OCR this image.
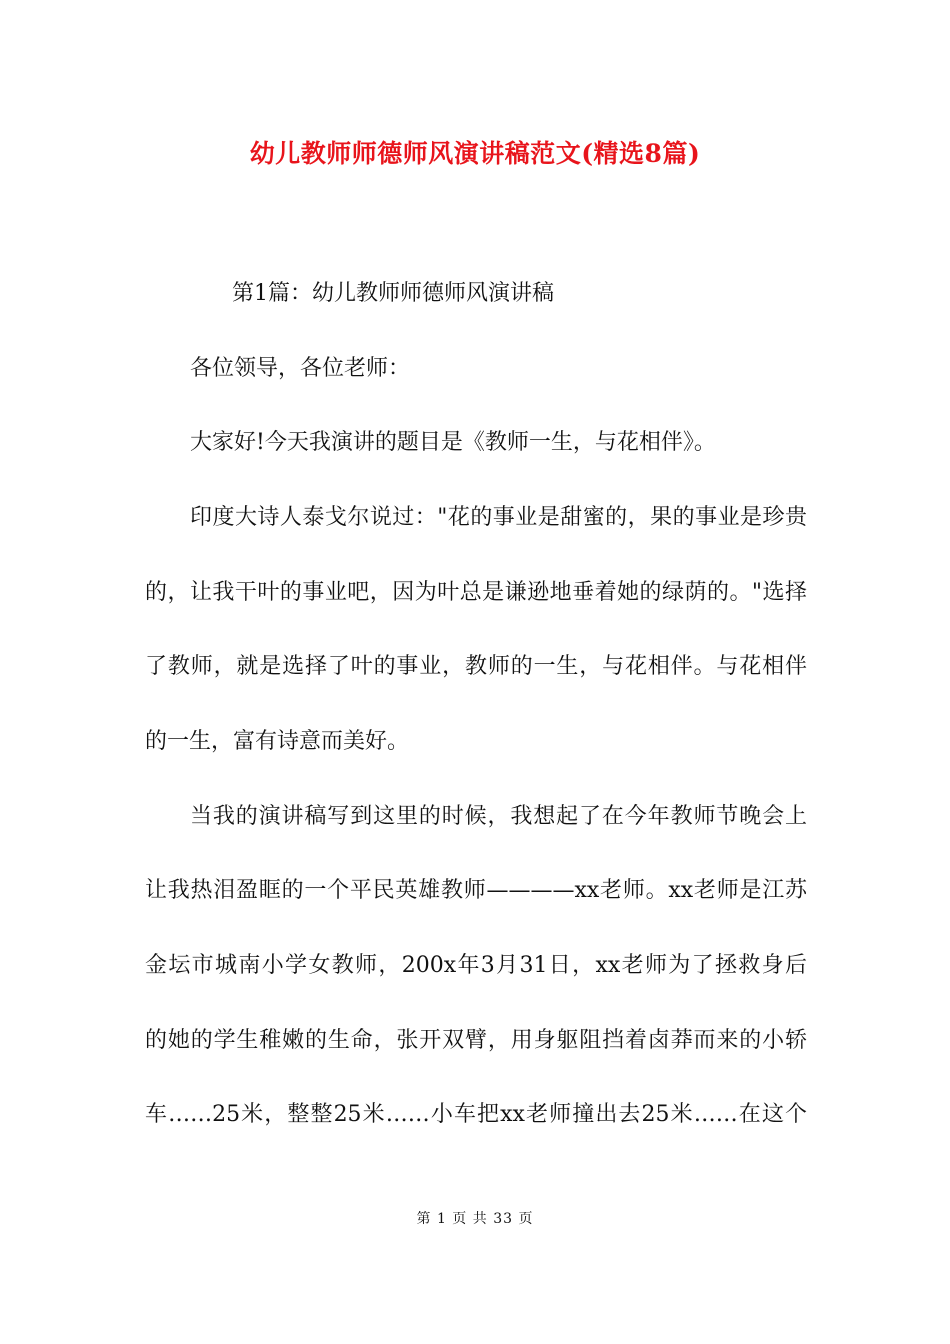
幼儿教师师德师风演讲稿范文(精选8篇)
第1篇：幼儿教师师德师风演讲稿
各位领导，各位老师：
大家好!今天我演讲的题目是《教师一生，与花相伴》。
印度大诗人泰戈尔说过："花的事业是甜蜜的，果的事业是珍贵
的，让我干叶的事业吧，因为叶总是谦逊地垂着她的绿荫的。"选择
了教师，就是选择了叶的事业，教师的一生，与花相伴。与花相伴
的一生，富有诗意而美好。
当我的演讲稿写到这里的时候，我想起了在今年教师节晚会上
让我热泪盈眶的一个平民英雄教师————xx老师。xx老师是江苏
金坛市城南小学女教师，200x年3月31日，xx老师为了拯救身后
的她的学生稚嫩的生命，张开双臂，用身躯阻挡着卤莽而来的小轿
车……25米，整整25米……小车把xx老师撞出去25米……在这个
第 1 页 共 33 页
